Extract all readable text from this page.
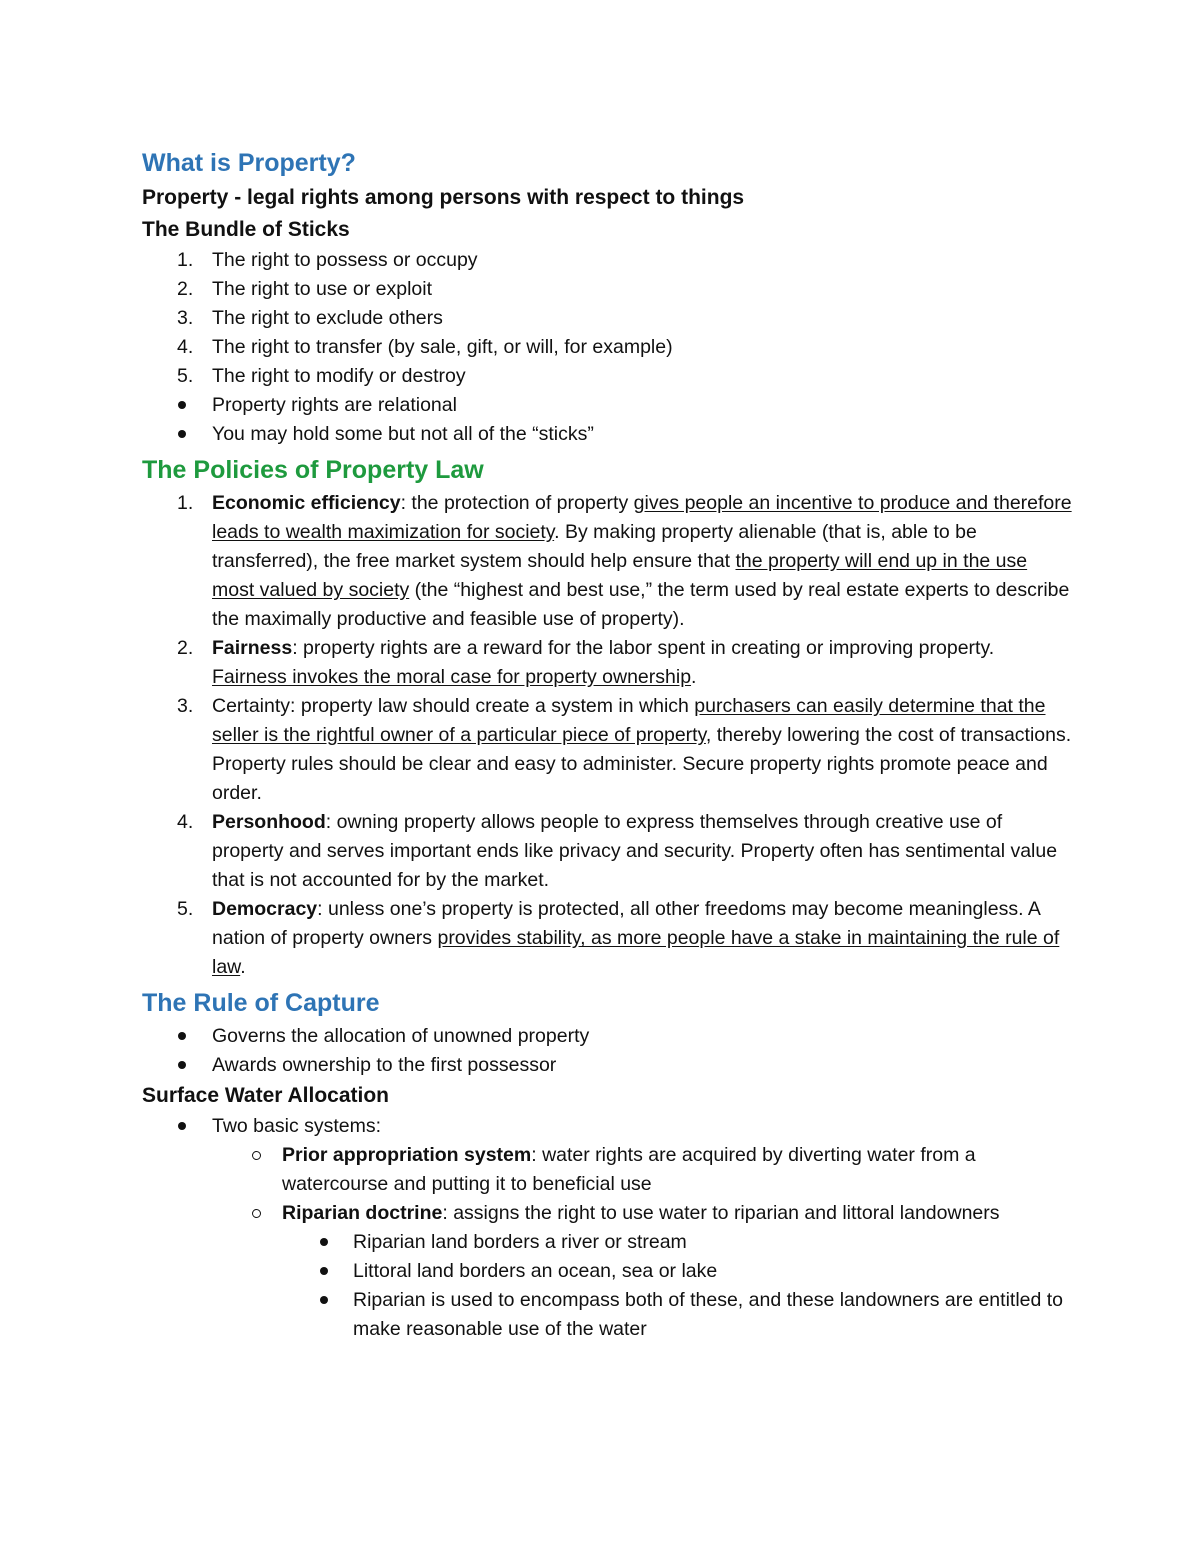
What is Property?
Property - legal rights among persons with respect to things
The Bundle of Sticks
1. The right to possess or occupy
2. The right to use or exploit
3. The right to exclude others
4. The right to transfer (by sale, gift, or will, for example)
5. The right to modify or destroy
Property rights are relational
You may hold some but not all of the “sticks”
The Policies of Property Law
1. Economic efficiency: the protection of property gives people an incentive to produce and therefore leads to wealth maximization for society. By making property alienable (that is, able to be transferred), the free market system should help ensure that the property will end up in the use most valued by society (the “highest and best use,” the term used by real estate experts to describe the maximally productive and feasible use of property).
2. Fairness: property rights are a reward for the labor spent in creating or improving property. Fairness invokes the moral case for property ownership.
3. Certainty: property law should create a system in which purchasers can easily determine that the seller is the rightful owner of a particular piece of property, thereby lowering the cost of transactions. Property rules should be clear and easy to administer. Secure property rights promote peace and order.
4. Personhood: owning property allows people to express themselves through creative use of property and serves important ends like privacy and security. Property often has sentimental value that is not accounted for by the market.
5. Democracy: unless one’s property is protected, all other freedoms may become meaningless. A nation of property owners provides stability, as more people have a stake in maintaining the rule of law.
The Rule of Capture
Governs the allocation of unowned property
Awards ownership to the first possessor
Surface Water Allocation
Two basic systems:
Prior appropriation system: water rights are acquired by diverting water from a watercourse and putting it to beneficial use
Riparian doctrine: assigns the right to use water to riparian and littoral landowners
Riparian land borders a river or stream
Littoral land borders an ocean, sea or lake
Riparian is used to encompass both of these, and these landowners are entitled to make reasonable use of the water
